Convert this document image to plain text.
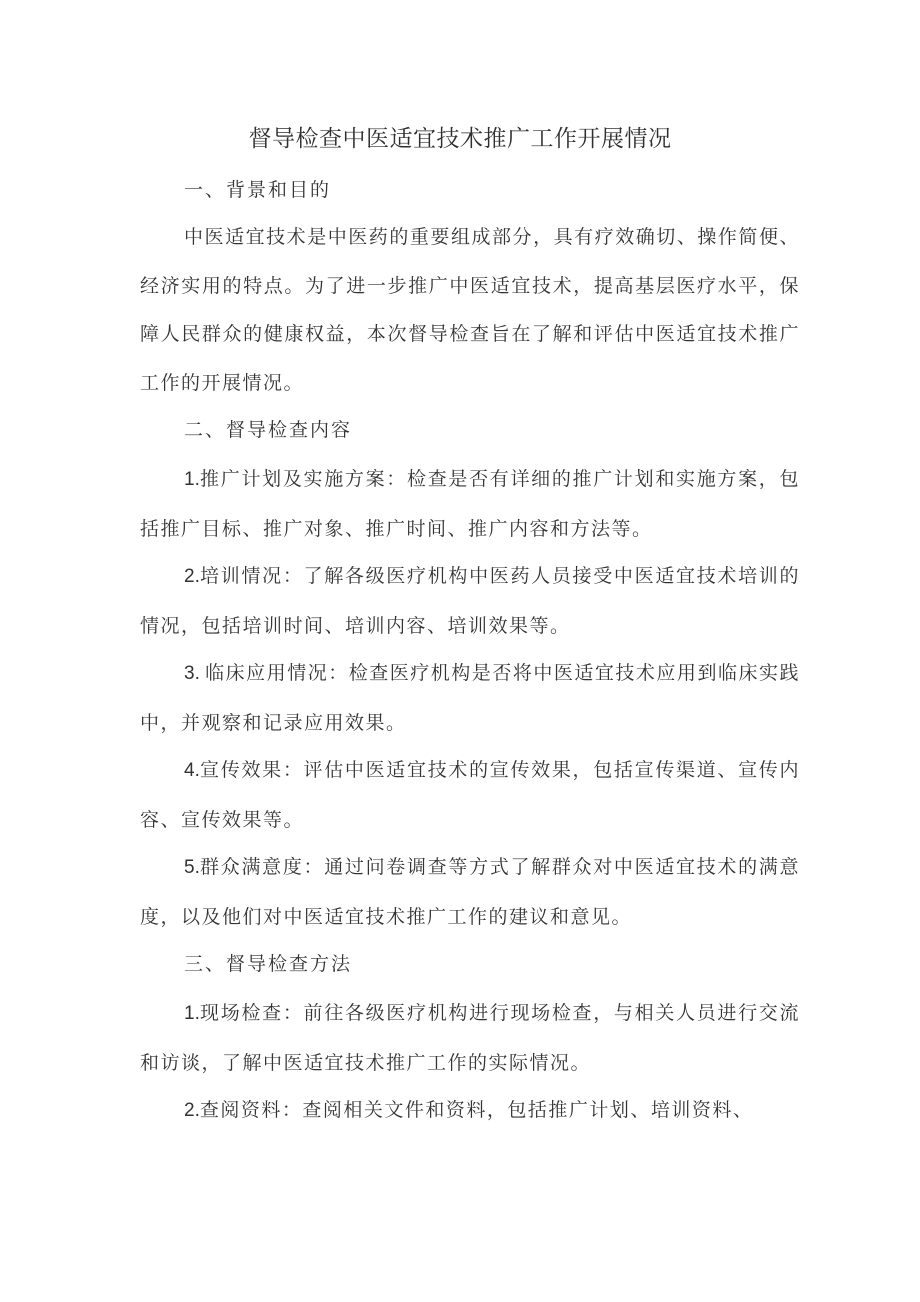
督导检查中医适宜技术推广工作开展情况

一、背景和目的

中医适宜技术是中医药的重要组成部分，具有疗效确切、操作简便、经济实用的特点。为了进一步推广中医适宜技术，提高基层医疗水平，保障人民群众的健康权益，本次督导检查旨在了解和评估中医适宜技术推广工作的开展情况。

二、督导检查内容

1.推广计划及实施方案：检查是否有详细的推广计划和实施方案，包括推广目标、推广对象、推广时间、推广内容和方法等。

2.培训情况：了解各级医疗机构中医药人员接受中医适宜技术培训的情况，包括培训时间、培训内容、培训效果等。

3. 临床应用情况：检查医疗机构是否将中医适宜技术应用到临床实践中，并观察和记录应用效果。

4.宣传效果：评估中医适宜技术的宣传效果，包括宣传渠道、宣传内容、宣传效果等。

5.群众满意度：通过问卷调查等方式了解群众对中医适宜技术的满意度，以及他们对中医适宜技术推广工作的建议和意见。

三、督导检查方法

1.现场检查：前往各级医疗机构进行现场检查，与相关人员进行交流和访谈，了解中医适宜技术推广工作的实际情况。

2.查阅资料：查阅相关文件和资料，包括推广计划、培训资料、
